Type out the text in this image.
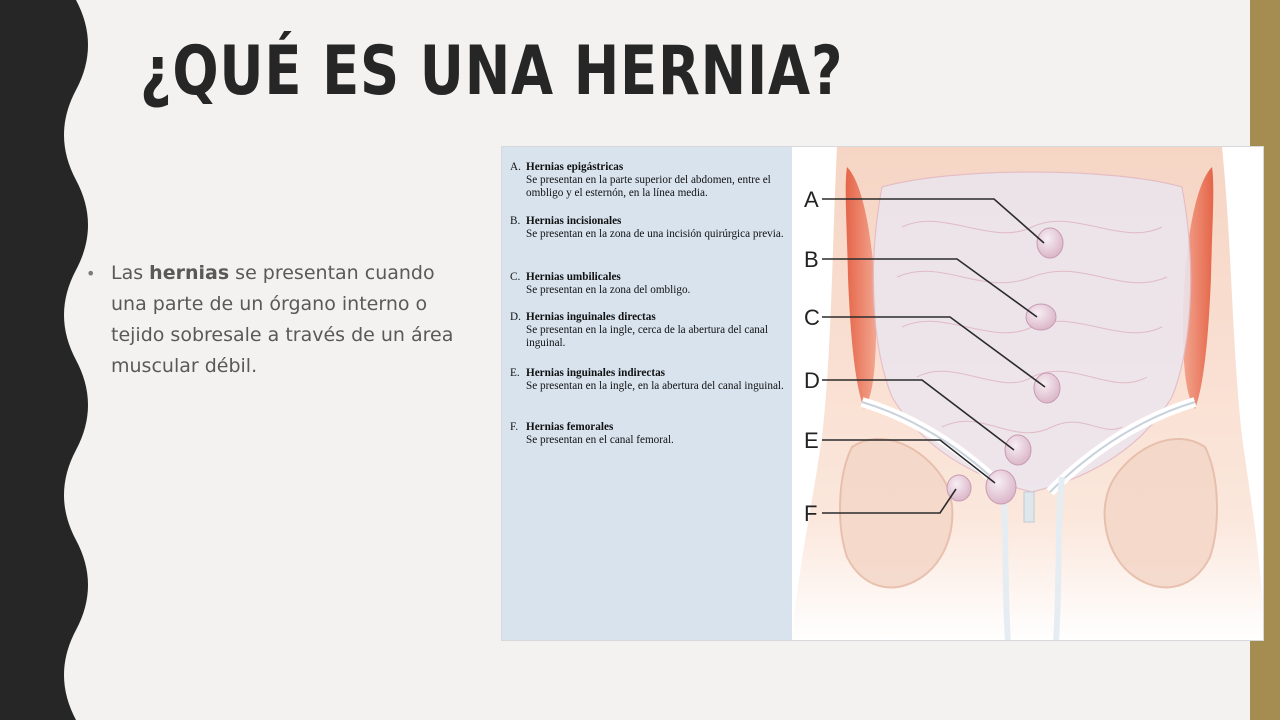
¿QUÉ ES UNA HERNIA?
• Las hernias se presentan cuando una parte de un órgano interno o tejido sobresale a través de un área muscular débil.
A. Hernias epigástricas
Se presentan en la parte superior del abdomen, entre el ombligo y el esternón, en la línea media.
B. Hernias incisionales
Se presentan en la zona de una incisión quirúrgica previa.
C. Hernias umbilicales
Se presentan en la zona del ombligo.
D. Hernias inguinales directas
Se presentan en la ingle, cerca de la abertura del canal inguinal.
E. Hernias inguinales indirectas
Se presentan en la ingle, en la abertura del canal inguinal.
F. Hernias femorales
Se presentan en el canal femoral.
A
B
C
D
E
F
